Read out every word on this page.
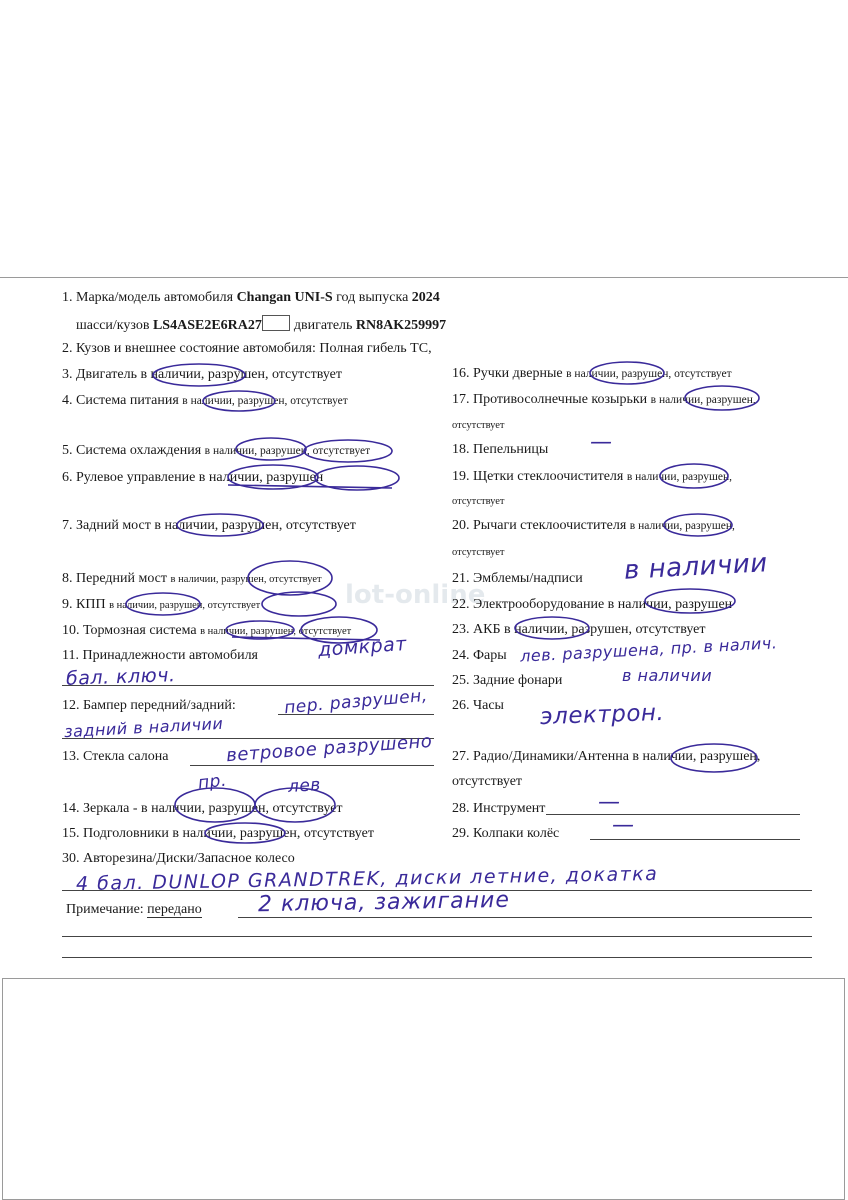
lot-online
1. Марка/модель автомобиля Changan UNI-S год выпуска 2024
шасси/кузов LS4ASE2E6RA27 двигатель RN8AK259997
2. Кузов и внешнее состояние автомобиля: Полная гибель ТС,
3. Двигатель в наличии, разрушен, отсутствует
4. Система питания в наличии, разрушен, отсутствует
5. Система охлаждения в наличии, разрушен, отсутствует
6. Рулевое управление в наличии, разрушен
7. Задний мост в наличии, разрушен, отсутствует
8. Передний мост в наличии, разрушен, отсутствует
9. КПП в наличии, разрушен, отсутствует
10. Тормозная система в наличии, разрушен, отсутствует
11. Принадлежности автомобиля
12. Бампер передний/задний:
13. Стекла салона
14. Зеркала - в наличии, разрушен, отсутствует
15. Подголовники в наличии, разрушен, отсутствует
30. Авторезина/Диски/Запасное колесо
Примечание: передано
16. Ручки дверные в наличии, разрушен, отсутствует
17. Противосолнечные козырьки в наличии, разрушен,
отсутствует
18. Пепельницы
19. Щетки стеклоочистителя в наличии, разрушен,
отсутствует
20. Рычаги стеклоочистителя в наличии, разрушен,
отсутствует
21. Эмблемы/надписи
22. Электрооборудование в наличии, разрушен
23. АКБ в наличии, разрушен, отсутствует
24. Фары
25. Задние фонари
26. Часы
27. Радио/Динамики/Антенна в наличии, разрушен,
отсутствует
28. Инструмент
29. Колпаки колёс
домкрат
бал. ключ.
пер. разрушен,
задний в наличии
ветровое разрушено
пр.	лев
—
в наличии
лев. разрушена, пр. в налич.
в наличии
электрон.
—
—
4 бал. DUNLOP GRANDTREK, диски летние, докатка
2 ключа, зажигание
